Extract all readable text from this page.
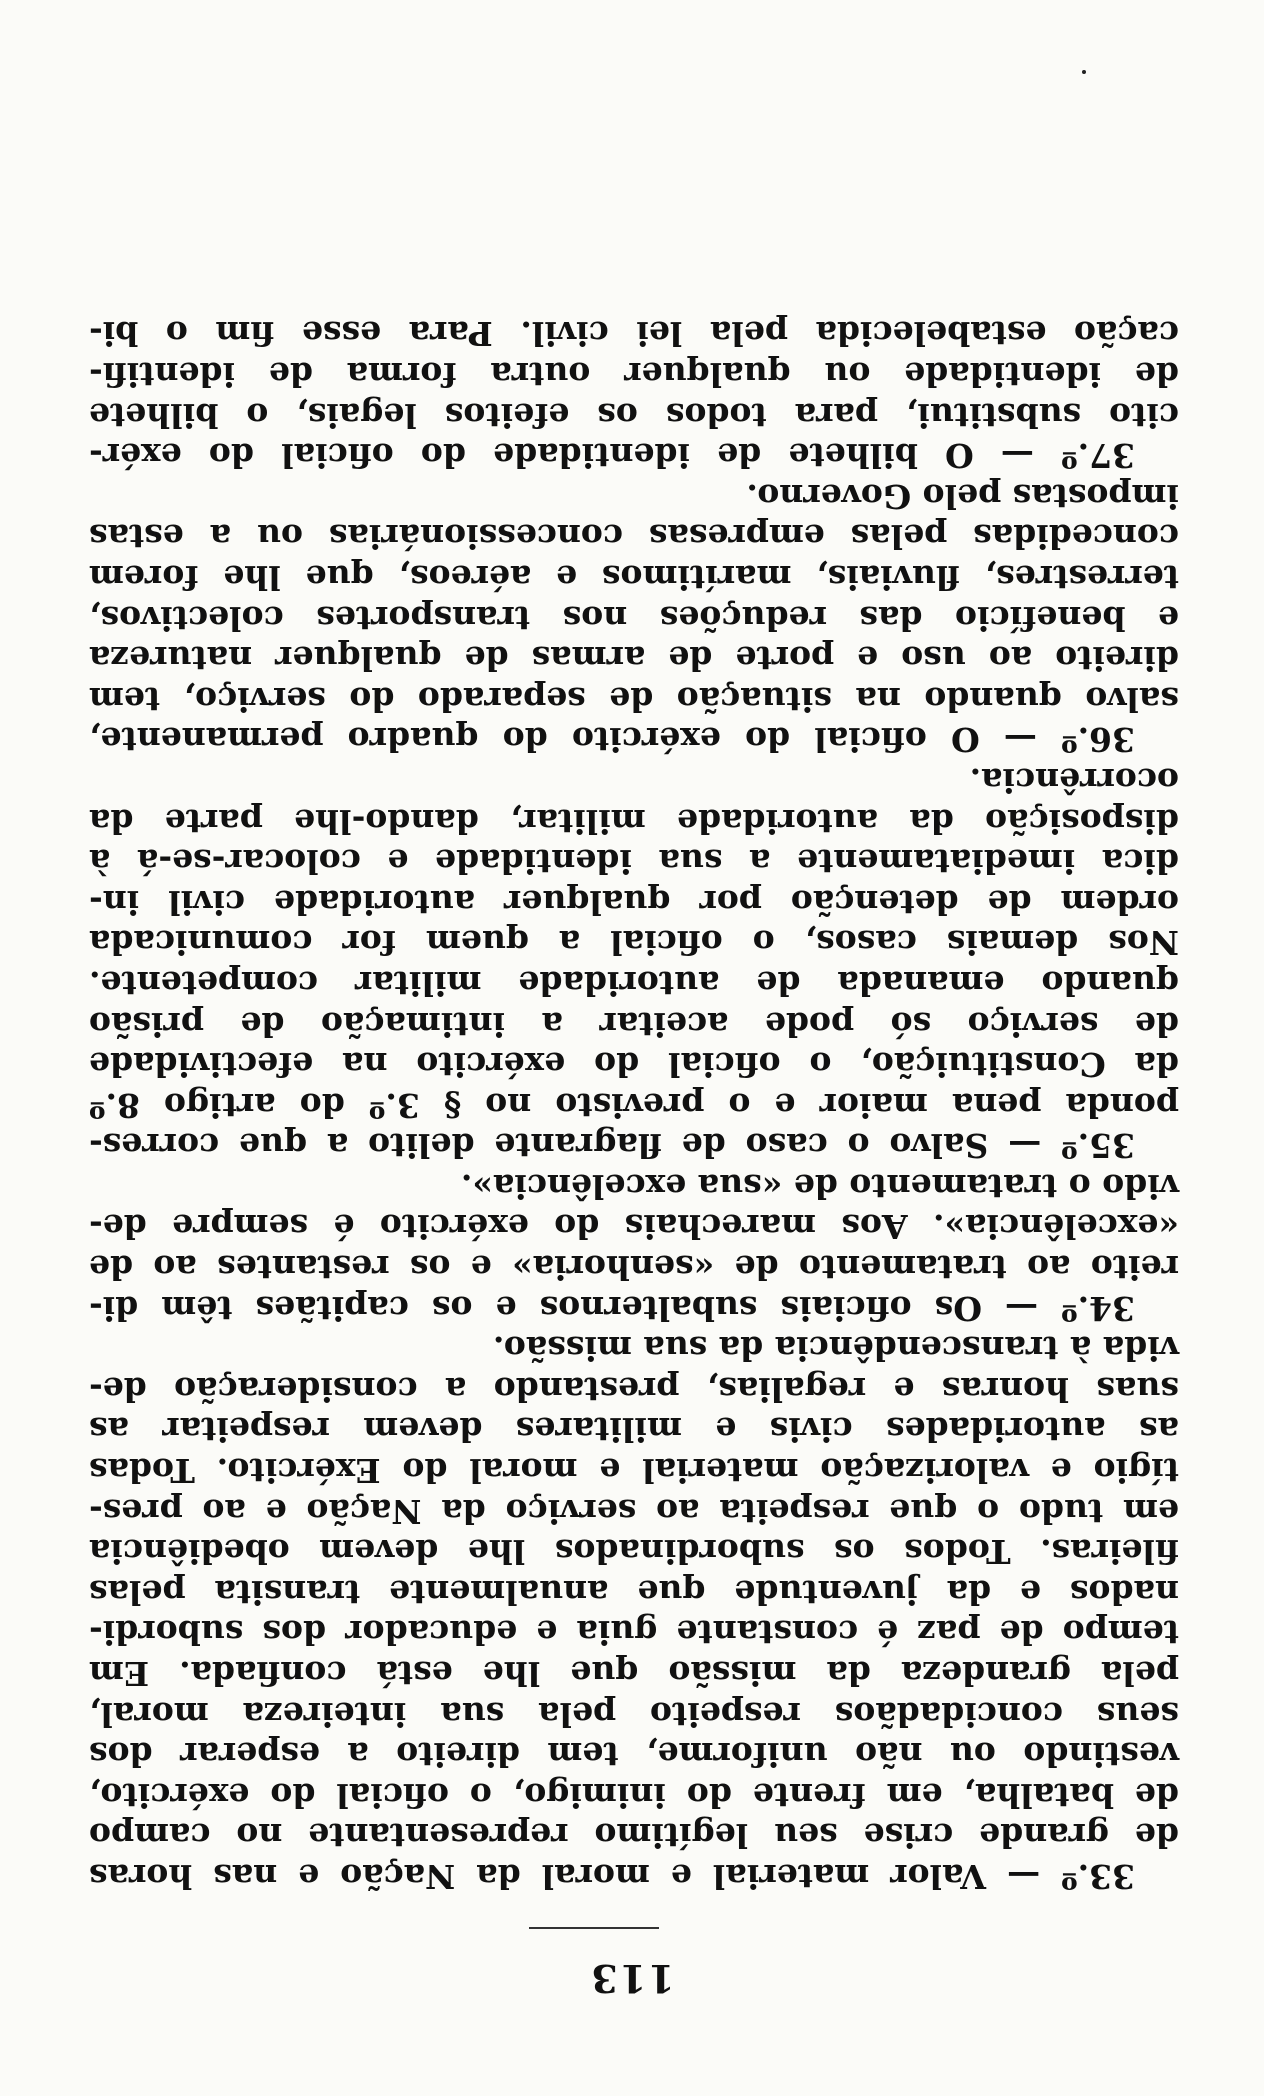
113
33.º — Valor material e moral da Nação e nas horas
de grande crise seu legítimo representante no campo
de batalha, em frente do inimigo, o oficial do exército,
vestindo ou não uniforme, tem direito a esperar dos
seus concidadãos respeito pela sua inteireza moral,
pela grandeza da missão que lhe está confiada. Em
tempo de paz é constante guia e educador dos subordi-
nados e da juventude que anualmente transita pelas
fileiras. Todos os subordinados lhe devem obediência
em tudo o que respeita ao serviço da Nação e ao pres-
tígio e valorização material e moral do Exército. Todas
as autoridades civis e militares devem respeitar as
suas honras e regalias, prestando a consideração de-
vida à transcendência da sua missão.
34.º — Os oficiais subalternos e os capitães têm di-
reito ao tratamento de «senhoria» e os restantes ao de
«excelência». Aos marechais do exército é sempre de-
vido o tratamento de «sua excelência».
35.º — Salvo o caso de flagrante delito a que corres-
ponda pena maior e o previsto no § 3.º do artigo 8.º
da Constituição, o oficial do exército na efectividade
de serviço só pode aceitar a intimação de prisão
quando emanada de autoridade militar competente.
Nos demais casos, o oficial a quem for comunicada
ordem de detenção por qualquer autoridade civil in-
dica imediatamente a sua identidade e colocar-se-á à
disposição da autoridade militar, dando-lhe parte da
ocorrência.
36.º — O oficial do exército do quadro permanente,
salvo quando na situação de separado do serviço, tem
direito ao uso e porte de armas de qualquer natureza
e benefício das reduções nos transportes colectivos,
terrestres, fluviais, marítimos e aéreos, que lhe forem
concedidas pelas empresas concessionárias ou a estas
impostas pelo Governo.
37.º — O bilhete de identidade do oficial do exér-
cito substitui, para todos os efeitos legais, o bilhete
de identidade ou qualquer outra forma de identifi-
cação estabelecida pela lei civil. Para esse fim o bi-
